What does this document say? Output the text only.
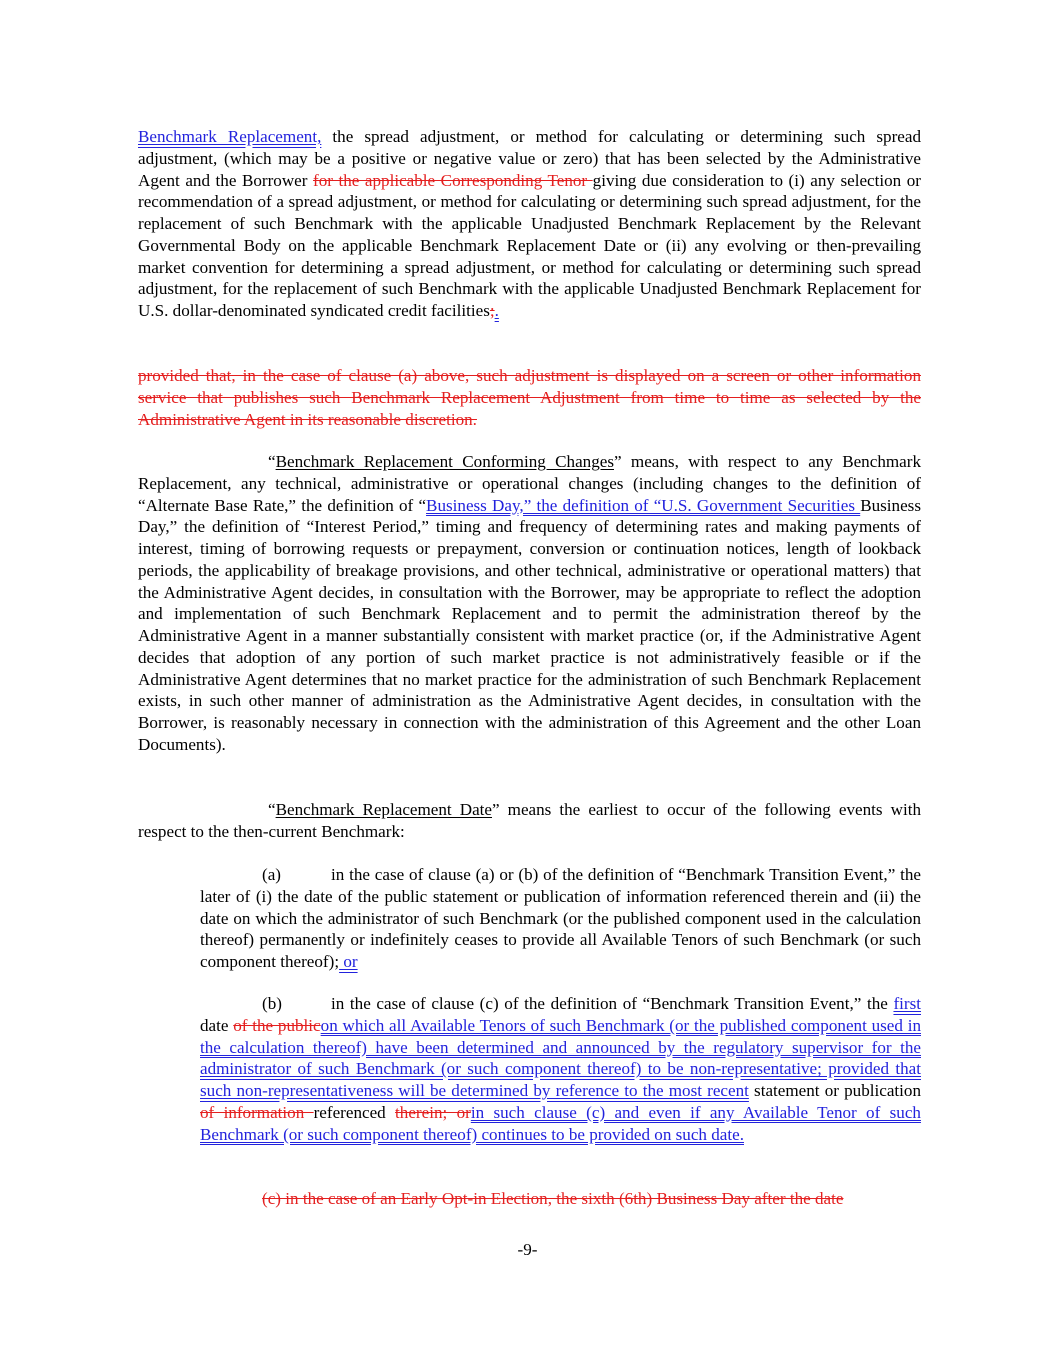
Benchmark Replacement, the spread adjustment, or method for calculating or determining such spread adjustment, (which may be a positive or negative value or zero) that has been selected by the Administrative Agent and the Borrower for the applicable Corresponding Tenor giving due consideration to (i) any selection or recommendation of a spread adjustment, or method for calculating or determining such spread adjustment, for the replacement of such Benchmark with the applicable Unadjusted Benchmark Replacement by the Relevant Governmental Body on the applicable Benchmark Replacement Date or (ii) any evolving or then-prevailing market convention for determining a spread adjustment, or method for calculating or determining such spread adjustment, for the replacement of such Benchmark with the applicable Unadjusted Benchmark Replacement for U.S. dollar-denominated syndicated credit facilities;.

provided that, in the case of clause (a) above, such adjustment is displayed on a screen or other information service that publishes such Benchmark Replacement Adjustment from time to time as selected by the Administrative Agent in its reasonable discretion.

“Benchmark Replacement Conforming Changes” means, with respect to any Benchmark Replacement, any technical, administrative or operational changes (including changes to the definition of “Alternate Base Rate,” the definition of “Business Day,” the definition of “U.S. Government Securities Business Day,” the definition of “Interest Period,” timing and frequency of determining rates and making payments of interest, timing of borrowing requests or prepayment, conversion or continuation notices, length of lookback periods, the applicability of breakage provisions, and other technical, administrative or operational matters) that the Administrative Agent decides, in consultation with the Borrower, may be appropriate to reflect the adoption and implementation of such Benchmark Replacement and to permit the administration thereof by the Administrative Agent in a manner substantially consistent with market practice (or, if the Administrative Agent decides that adoption of any portion of such market practice is not administratively feasible or if the Administrative Agent determines that no market practice for the administration of such Benchmark Replacement exists, in such other manner of administration as the Administrative Agent decides, in consultation with the Borrower, is reasonably necessary in connection with the administration of this Agreement and the other Loan Documents).

“Benchmark Replacement Date” means the earliest to occur of the following events with respect to the then-current Benchmark:

(a)	in the case of clause (a) or (b) of the definition of “Benchmark Transition Event,” the later of (i) the date of the public statement or publication of information referenced therein and (ii) the date on which the administrator of such Benchmark (or the published component used in the calculation thereof) permanently or indefinitely ceases to provide all Available Tenors of such Benchmark (or such component thereof); or

(b)	in the case of clause (c) of the definition of “Benchmark Transition Event,” the first date of the publicon which all Available Tenors of such Benchmark (or the published component used in the calculation thereof) have been determined and announced by the regulatory supervisor for the administrator of such Benchmark (or such component thereof) to be non-representative; provided that such non-representativeness will be determined by reference to the most recent statement or publication of information referenced therein; orin such clause (c) and even if any Available Tenor of such Benchmark (or such component thereof) continues to be provided on such date.

(c) in the case of an Early Opt-in Election, the sixth (6th) Business Day after the date

-9-
